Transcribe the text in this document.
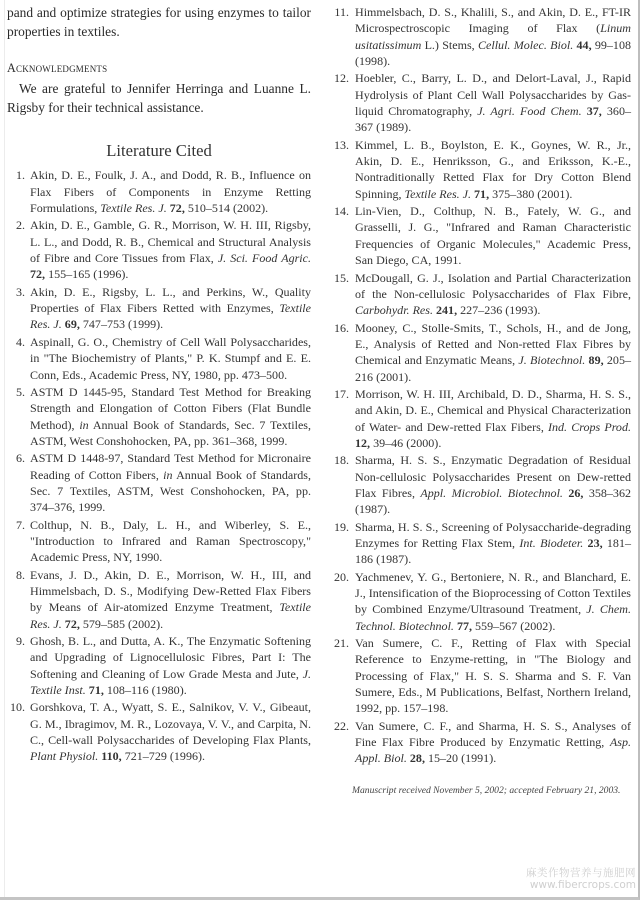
pand and optimize strategies for using enzymes to tailor properties in textiles.

Acknowledgments

We are grateful to Jennifer Herringa and Luanne L. Rigsby for their technical assistance.

Literature Cited
1. Akin, D. E., Foulk, J. A., and Dodd, R. B., Influence on Flax Fibers of Components in Enzyme Retting Formulations, Textile Res. J. 72, 510–514 (2002).
2. Akin, D. E., Gamble, G. R., Morrison, W. H. III, Rigsby, L. L., and Dodd, R. B., Chemical and Structural Analysis of Fibre and Core Tissues from Flax, J. Sci. Food Agric. 72, 155–165 (1996).
3. Akin, D. E., Rigsby, L. L., and Perkins, W., Quality Properties of Flax Fibers Retted with Enzymes, Textile Res. J. 69, 747–753 (1999).
4. Aspinall, G. O., Chemistry of Cell Wall Polysaccharides, in "The Biochemistry of Plants," P. K. Stumpf and E. E. Conn, Eds., Academic Press, NY, 1980, pp. 473–500.
5. ASTM D 1445-95, Standard Test Method for Breaking Strength and Elongation of Cotton Fibers (Flat Bundle Method), in Annual Book of Standards, Sec. 7 Textiles, ASTM, West Conshohocken, PA, pp. 361–368, 1999.
6. ASTM D 1448-97, Standard Test Method for Micronaire Reading of Cotton Fibers, in Annual Book of Standards, Sec. 7 Textiles, ASTM, West Conshohocken, PA, pp. 374–376, 1999.
7. Colthup, N. B., Daly, L. H., and Wiberley, S. E., "Introduction to Infrared and Raman Spectroscopy," Academic Press, NY, 1990.
8. Evans, J. D., Akin, D. E., Morrison, W. H., III, and Himmelsbach, D. S., Modifying Dew-Retted Flax Fibers by Means of Air-atomized Enzyme Treatment, Textile Res. J. 72, 579–585 (2002).
9. Ghosh, B. L., and Dutta, A. K., The Enzymatic Softening and Upgrading of Lignocellulosic Fibres, Part I: The Softening and Cleaning of Low Grade Mesta and Jute, J. Textile Inst. 71, 108–116 (1980).
10. Gorshkova, T. A., Wyatt, S. E., Salnikov, V. V., Gibeaut, G. M., Ibragimov, M. R., Lozovaya, V. V., and Carpita, N. C., Cell-wall Polysaccharides of Developing Flax Plants, Plant Physiol. 110, 721–729 (1996).
11. Himmelsbach, D. S., Khalili, S., and Akin, D. E., FT-IR Microspectroscopic Imaging of Flax (Linum usitatissimum L.) Stems, Cellul. Molec. Biol. 44, 99–108 (1998).
12. Hoebler, C., Barry, L. D., and Delort-Laval, J., Rapid Hydrolysis of Plant Cell Wall Polysaccharides by Gas-liquid Chromatography, J. Agri. Food Chem. 37, 360–367 (1989).
13. Kimmel, L. B., Boylston, E. K., Goynes, W. R., Jr., Akin, D. E., Henriksson, G., and Eriksson, K.-E., Nontraditionally Retted Flax for Dry Cotton Blend Spinning, Textile Res. J. 71, 375–380 (2001).
14. Lin-Vien, D., Colthup, N. B., Fately, W. G., and Grasselli, J. G., "Infrared and Raman Characteristic Frequencies of Organic Molecules," Academic Press, San Diego, CA, 1991.
15. McDougall, G. J., Isolation and Partial Characterization of the Non-cellulosic Polysaccharides of Flax Fibre, Carbohydr. Res. 241, 227–236 (1993).
16. Mooney, C., Stolle-Smits, T., Schols, H., and de Jong, E., Analysis of Retted and Non-retted Flax Fibres by Chemical and Enzymatic Means, J. Biotechnol. 89, 205–216 (2001).
17. Morrison, W. H. III, Archibald, D. D., Sharma, H. S. S., and Akin, D. E., Chemical and Physical Characterization of Water- and Dew-retted Flax Fibers, Ind. Crops Prod. 12, 39–46 (2000).
18. Sharma, H. S. S., Enzymatic Degradation of Residual Non-cellulosic Polysaccharides Present on Dew-retted Flax Fibres, Appl. Microbiol. Biotechnol. 26, 358–362 (1987).
19. Sharma, H. S. S., Screening of Polysaccharide-degrading Enzymes for Retting Flax Stem, Int. Biodeter. 23, 181–186 (1987).
20. Yachmenev, Y. G., Bertoniere, N. R., and Blanchard, E. J., Intensification of the Bioprocessing of Cotton Textiles by Combined Enzyme/Ultrasound Treatment, J. Chem. Technol. Biotechnol. 77, 559–567 (2002).
21. Van Sumere, C. F., Retting of Flax with Special Reference to Enzyme-retting, in "The Biology and Processing of Flax," H. S. S. Sharma and S. F. Van Sumere, Eds., M Publications, Belfast, Northern Ireland, 1992, pp. 157–198.
22. Van Sumere, C. F., and Sharma, H. S. S., Analyses of Fine Flax Fibre Produced by Enzymatic Retting, Asp. Appl. Biol. 28, 15–20 (1991).
Manuscript received November 5, 2002; accepted February 21, 2003.
麻类作物营养与施肥网
www.fibercrops.com
